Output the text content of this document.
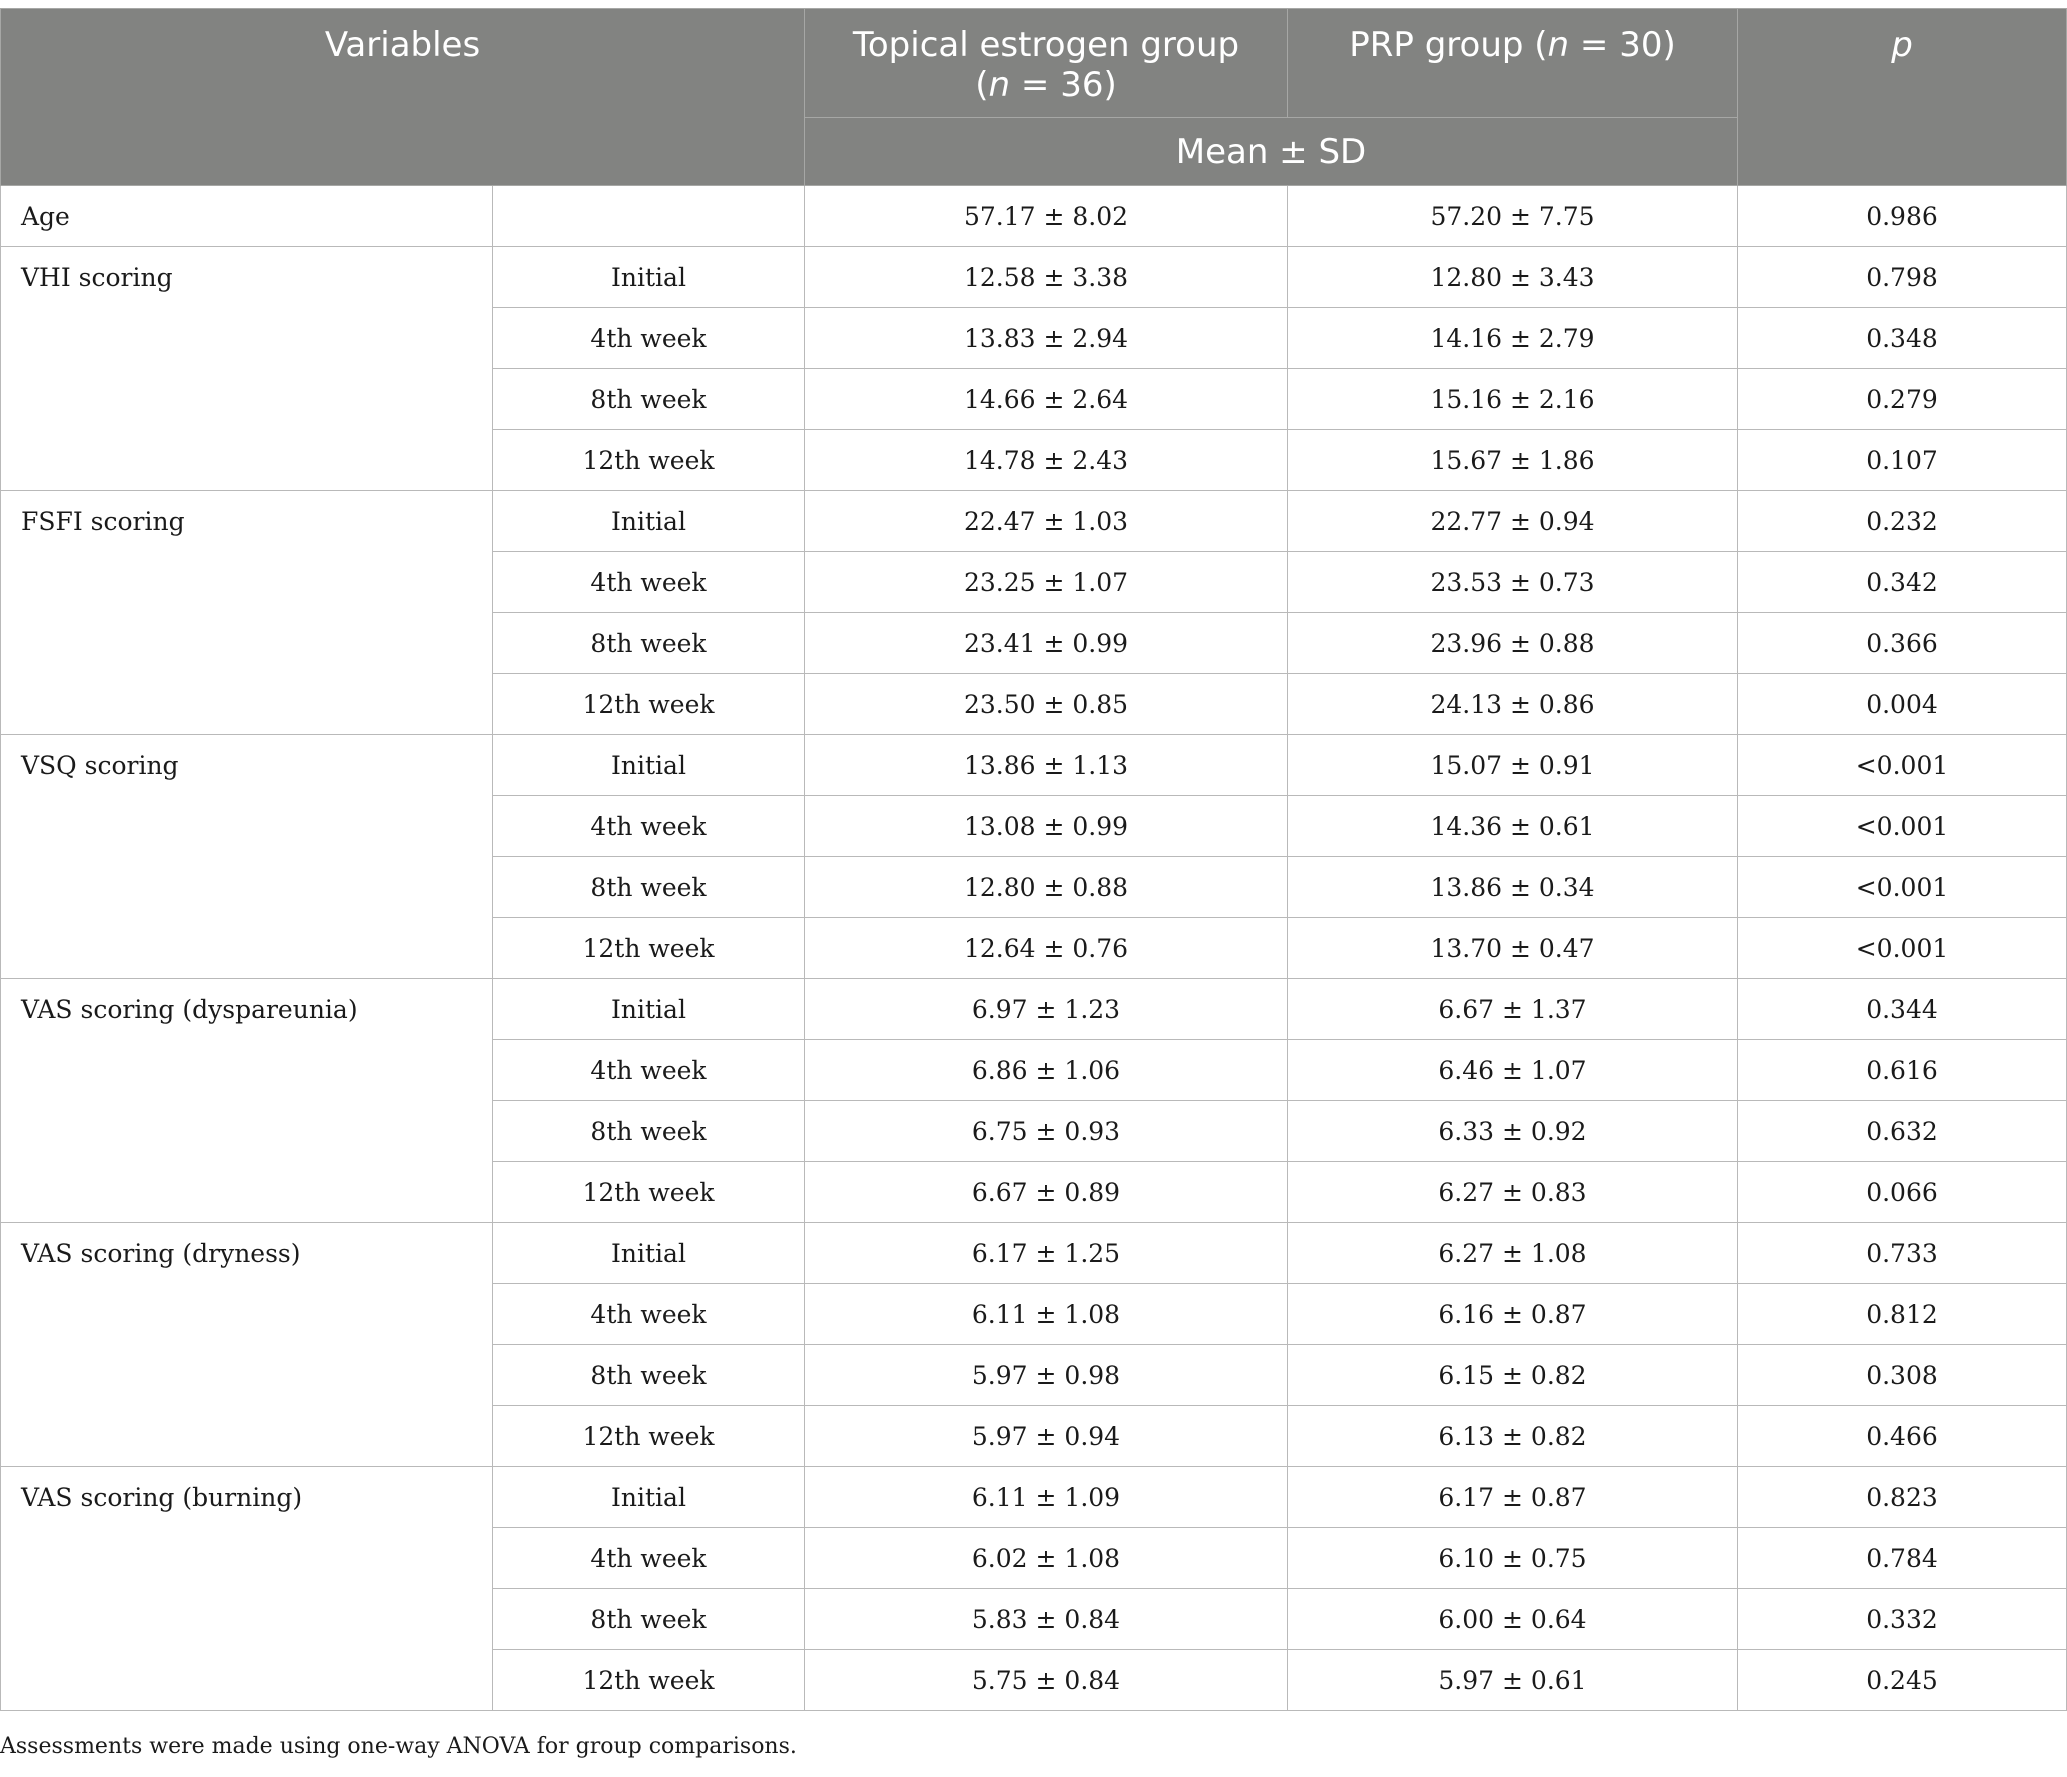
Variables		Topical estrogen group
(n = 36)	PRP group (n = 30)	p

		Mean ± SD		
Age		57.17 ± 8.02	57.20 ± 7.75	0.986
VHI scoring	Initial	12.58 ± 3.38	12.80 ± 3.43	0.798
	4th week	13.83 ± 2.94	14.16 ± 2.79	0.348
	8th week	14.66 ± 2.64	15.16 ± 2.16	0.279
	12th week	14.78 ± 2.43	15.67 ± 1.86	0.107
FSFI scoring	Initial	22.47 ± 1.03	22.77 ± 0.94	0.232
	4th week	23.25 ± 1.07	23.53 ± 0.73	0.342
	8th week	23.41 ± 0.99	23.96 ± 0.88	0.366
	12th week	23.50 ± 0.85	24.13 ± 0.86	0.004
VSQ scoring	Initial	13.86 ± 1.13	15.07 ± 0.91	<0.001
	4th week	13.08 ± 0.99	14.36 ± 0.61	<0.001
	8th week	12.80 ± 0.88	13.86 ± 0.34	<0.001
	12th week	12.64 ± 0.76	13.70 ± 0.47	<0.001
VAS scoring (dyspareunia)	Initial	6.97 ± 1.23	6.67 ± 1.37	0.344
	4th week	6.86 ± 1.06	6.46 ± 1.07	0.616
	8th week	6.75 ± 0.93	6.33 ± 0.92	0.632
	12th week	6.67 ± 0.89	6.27 ± 0.83	0.066
VAS scoring (dryness)	Initial	6.17 ± 1.25	6.27 ± 1.08	0.733
	4th week	6.11 ± 1.08	6.16 ± 0.87	0.812
	8th week	5.97 ± 0.98	6.15 ± 0.82	0.308
	12th week	5.97 ± 0.94	6.13 ± 0.82	0.466
VAS scoring (burning)	Initial	6.11 ± 1.09	6.17 ± 0.87	0.823
	4th week	6.02 ± 1.08	6.10 ± 0.75	0.784
	8th week	5.83 ± 0.84	6.00 ± 0.64	0.332
	12th week	5.75 ± 0.84	5.97 ± 0.61	0.245

Assessments were made using one-way ANOVA for group comparisons.
